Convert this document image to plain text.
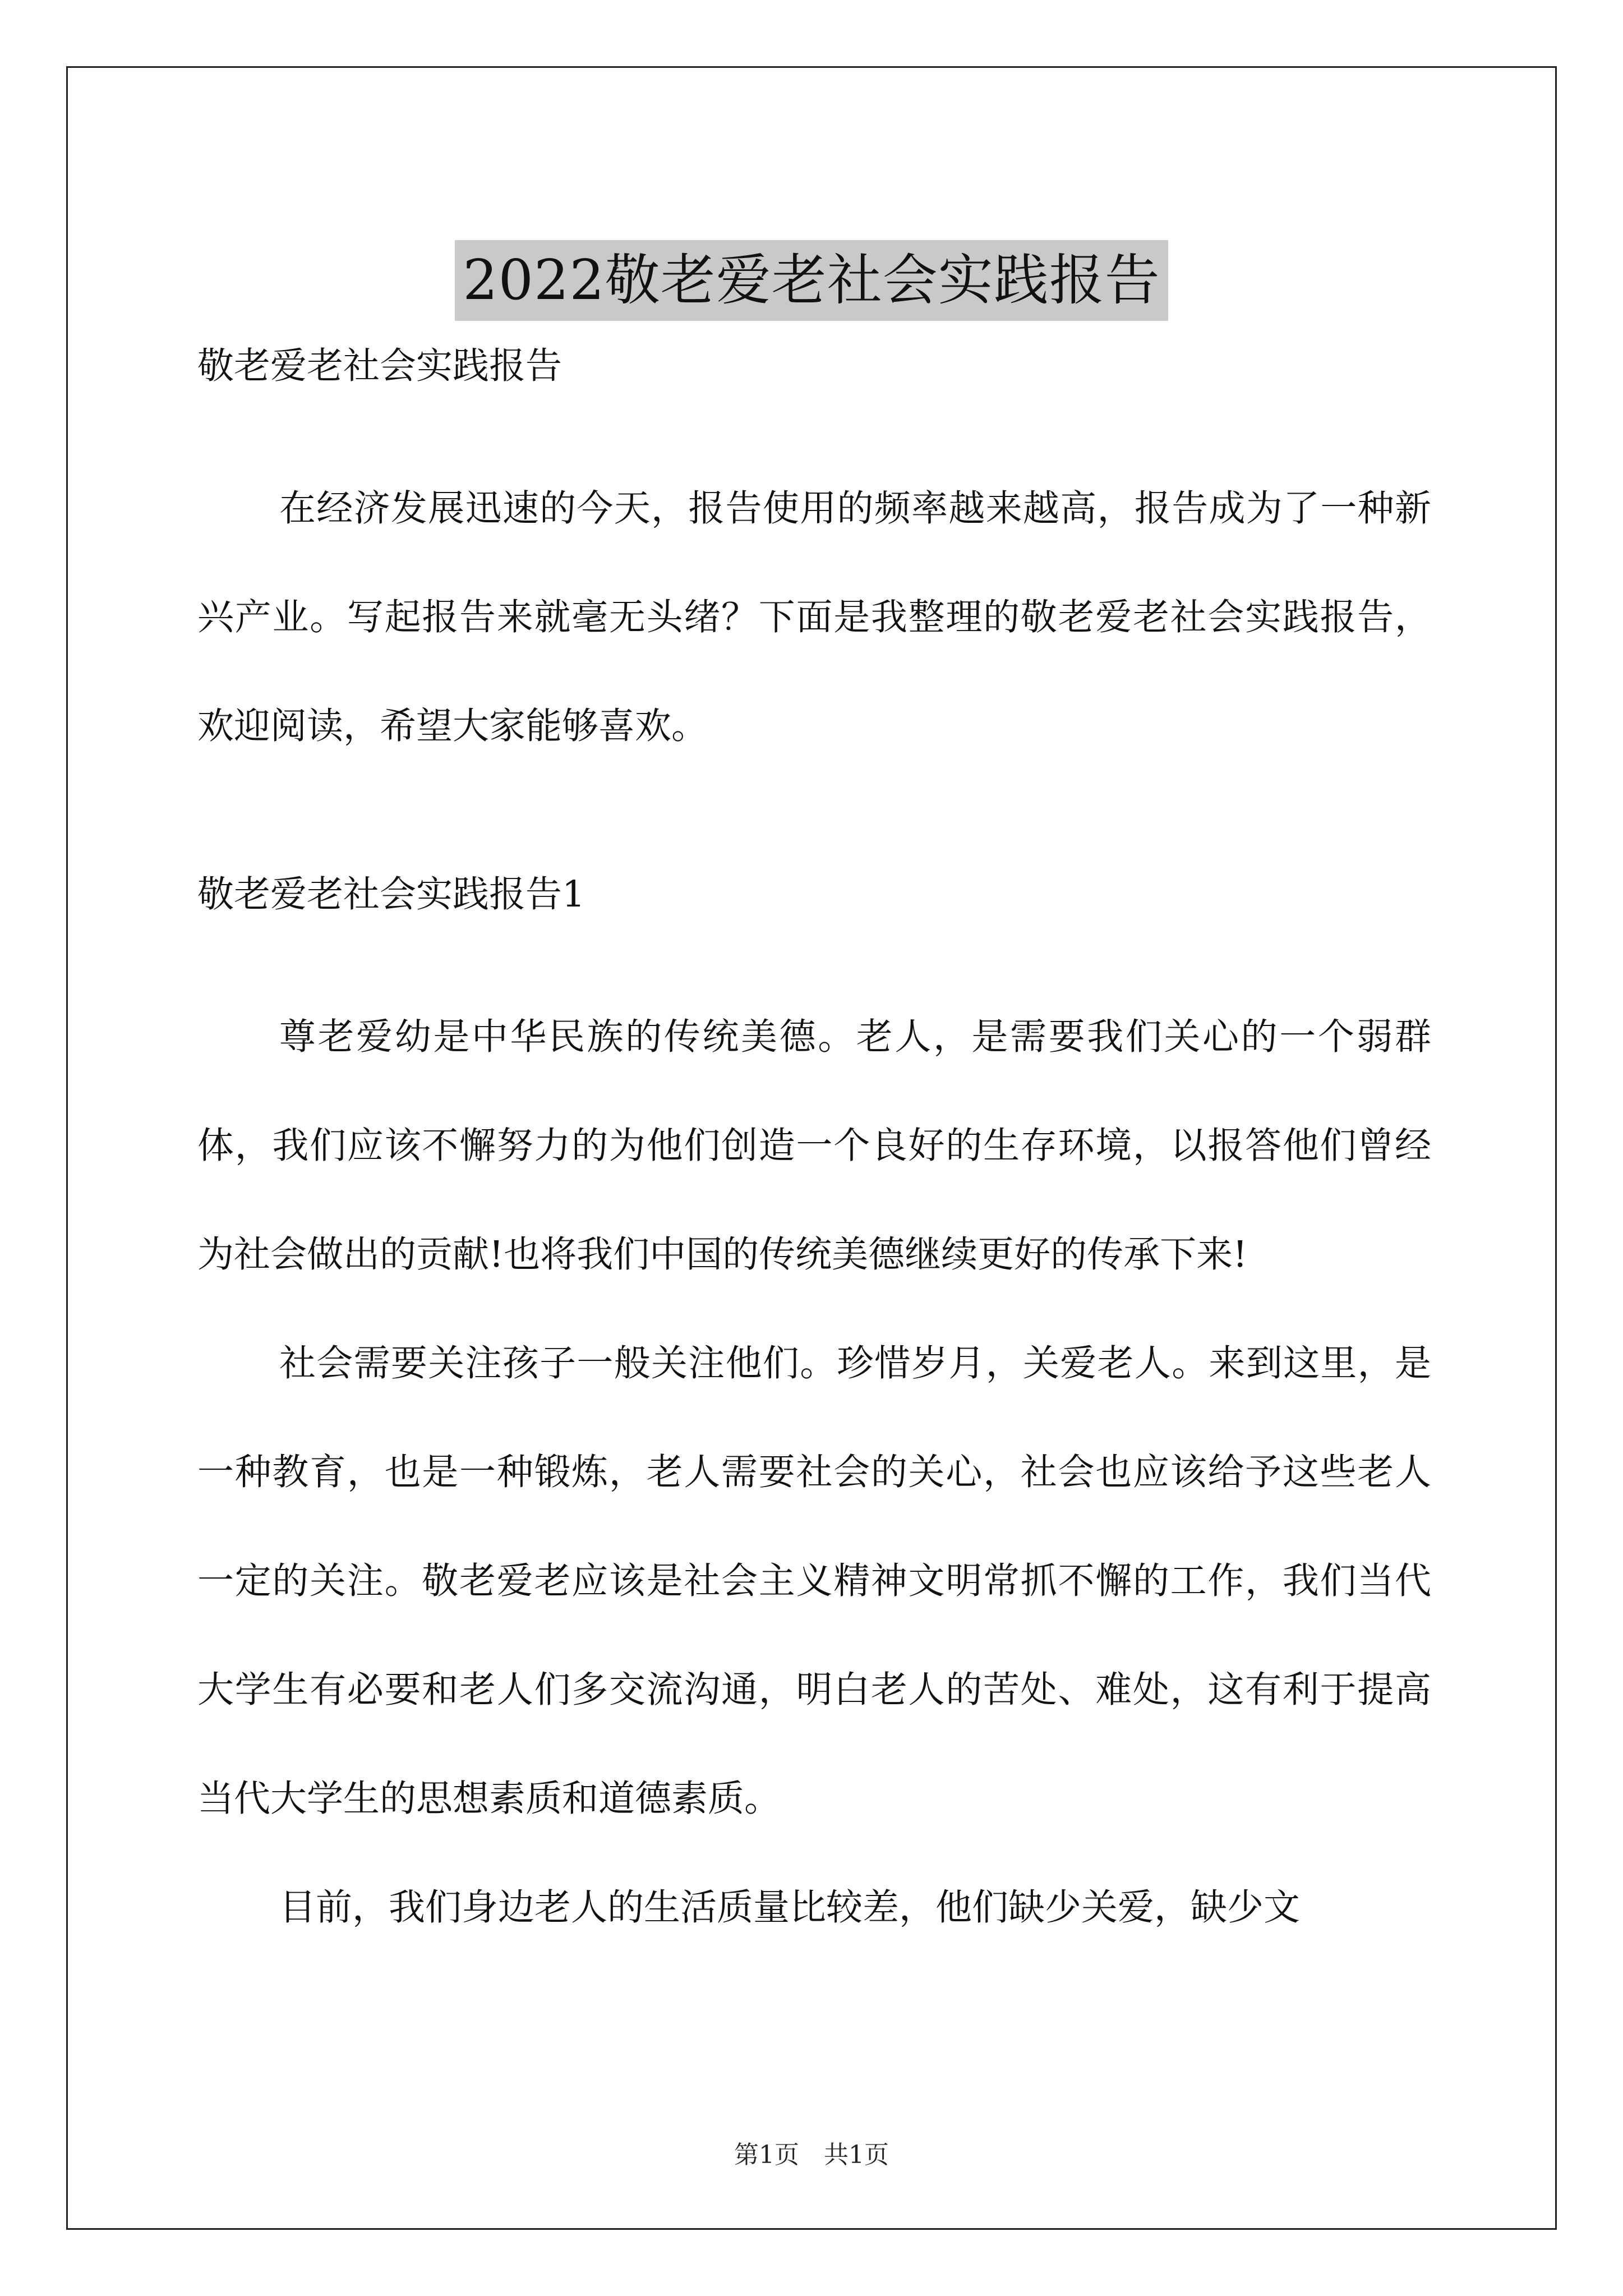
2022敬老爱老社会实践报告

敬老爱老社会实践报告

在经济发展迅速的今天，报告使用的频率越来越高，报告成为了一种新兴产业。写起报告来就毫无头绪？下面是我整理的敬老爱老社会实践报告，欢迎阅读，希望大家能够喜欢。

敬老爱老社会实践报告1

尊老爱幼是中华民族的传统美德。老人，是需要我们关心的一个弱群体，我们应该不懈努力的为他们创造一个良好的生存环境，以报答他们曾经为社会做出的贡献!也将我们中国的传统美德继续更好的传承下来!

社会需要关注孩子一般关注他们。珍惜岁月，关爱老人。来到这里，是一种教育，也是一种锻炼，老人需要社会的关心，社会也应该给予这些老人一定的关注。敬老爱老应该是社会主义精神文明常抓不懈的工作，我们当代大学生有必要和老人们多交流沟通，明白老人的苦处、难处，这有利于提高当代大学生的思想素质和道德素质。

目前，我们身边老人的生活质量比较差，他们缺少关爱，缺少文

第1页 共1页
